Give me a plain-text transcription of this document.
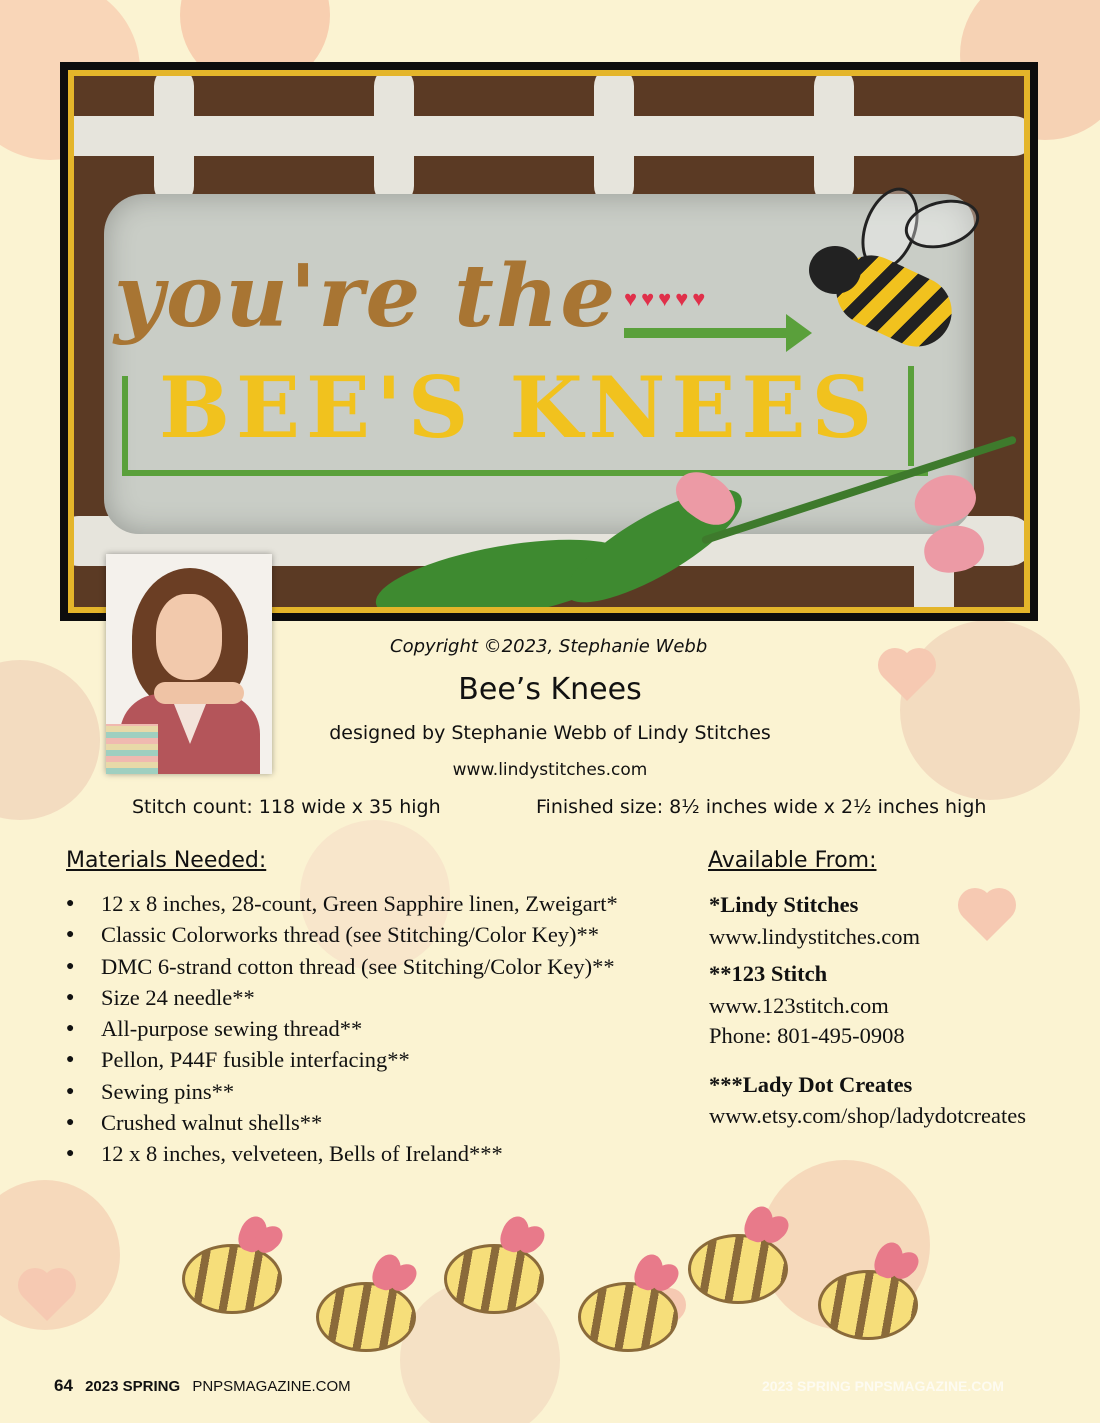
you're the
BEE'S KNEES
♥♥♥♥♥
Copyright ©2023, Stephanie Webb
Bee’s Knees
designed by Stephanie Webb of Lindy Stitches
www.lindystitches.com
Stitch count: 118 wide x 35 high	Finished size: 8½ inches wide x 2½ inches high
Materials Needed:
● 12 x 8 inches, 28-count, Green Sapphire linen, Zweigart*
● Classic Colorworks thread (see Stitching/Color Key)**
● DMC 6-strand cotton thread (see Stitching/Color Key)**
● Size 24 needle**
● All-purpose sewing thread**
● Pellon, P44F fusible interfacing**
● Sewing pins**
● Crushed walnut shells**
● 12 x 8 inches, velveteen, Bells of Ireland***
Available From:
*Lindy Stitches
www.lindystitches.com
**123 Stitch
www.123stitch.com
Phone: 801-495-0908
***Lady Dot Creates
www.etsy.com/shop/ladydotcreates
64 2023 SPRING PNPSMAGAZINE.COM	2023 SPRING PNPSMAGAZINE.COM
